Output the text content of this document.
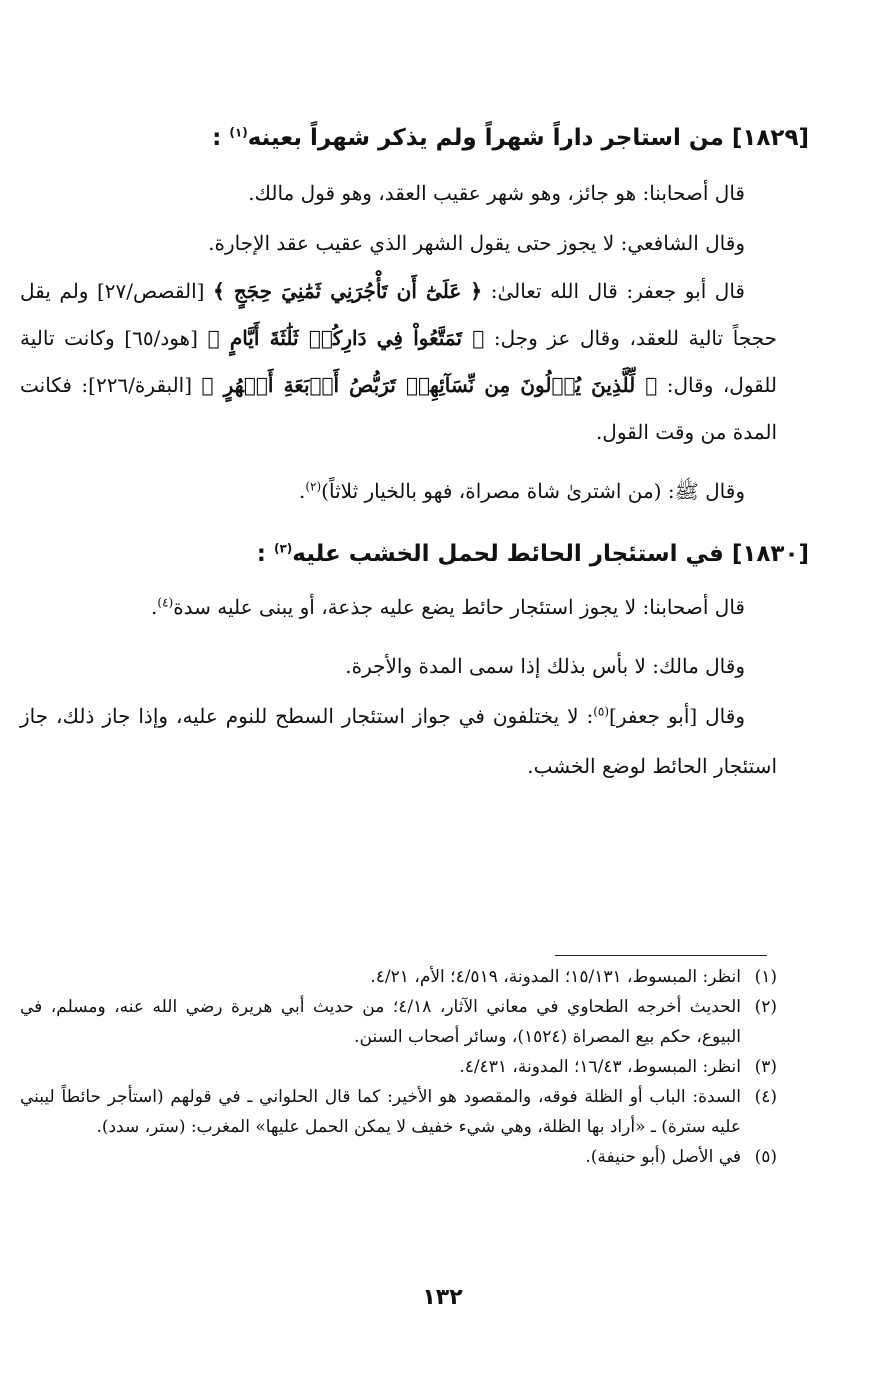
[١٨٢٩] من استاجر داراً شهراً ولم يذكر شهراً بعينه$^{(١)}$ :

قال أصحابنا: هو جائز، وهو شهر عقيب العقد، وهو قول مالك.

وقال الشافعي: لا يجوز حتى يقول الشهر الذي عقيب عقد الإجارة.

قال أبو جعفر: قال الله تعالىٰ: ﴿ عَلَىٰٓ أَن تَأْجُرَنِي ثَمَٰنِيَ حِجَجٍ ﴾ [القصص/٢٧] ولم يقل حججاً تالية للعقد، وقال عز وجل: ﴿ تَمَتَّعُواْ فِي دَارِكُمۡ ثَلَٰثَةَ أَيَّامٍ ﴾ [هود/٦٥] وكانت تالية للقول، وقال: ﴿ لِّلَّذِينَ يُؤۡلُونَ مِن نِّسَآئِهِمۡ تَرَبُّصُ أَرۡبَعَةِ أَشۡهُرٍ ﴾ [البقرة/٢٢٦]: فكانت المدة من وقت القول.

وقال ﷺ: (من اشترىٰ شاة مصراة، فهو بالخيار ثلاثاً)$^{(٢)}$.

[١٨٣٠] في استئجار الحائط لحمل الخشب عليه$^{(٣)}$ :

قال أصحابنا: لا يجوز استئجار حائط يضع عليه جذعة، أو يبنى عليه سدة$^{(٤)}$.

وقال مالك: لا بأس بذلك إذا سمى المدة والأجرة.

وقال [أبو جعفر]$^{(٥)}$: لا يختلفون في جواز استئجار السطح للنوم عليه، وإذا جاز ذلك، جاز استئجار الحائط لوضع الخشب.

(١)
انظر: المبسوط، ١٥/١٣١؛ المدونة، ٤/٥١٩؛ الأم، ٤/٢١.

(٢)
الحديث أخرجه الطحاوي في معاني الآثار، ٤/١٨؛ من حديث أبي هريرة رضي الله عنه، ومسلم، في البيوع، حكم بيع المصراة (١٥٢٤)، وسائر أصحاب السنن.

(٣)
انظر: المبسوط، ١٦/٤٣؛ المدونة، ٤/٤٣١.

(٤)
السدة: الباب أو الظلة فوقه، والمقصود هو الأخير: كما قال الحلواني ـ في قولهم (استأجر حائطاً ليبني عليه سترة) ـ «أراد بها الظلة، وهي شيء خفيف لا يمكن الحمل عليها» المغرب: (ستر، سدد).

(٥)
في الأصل (أبو حنيفة).

١٣٢
